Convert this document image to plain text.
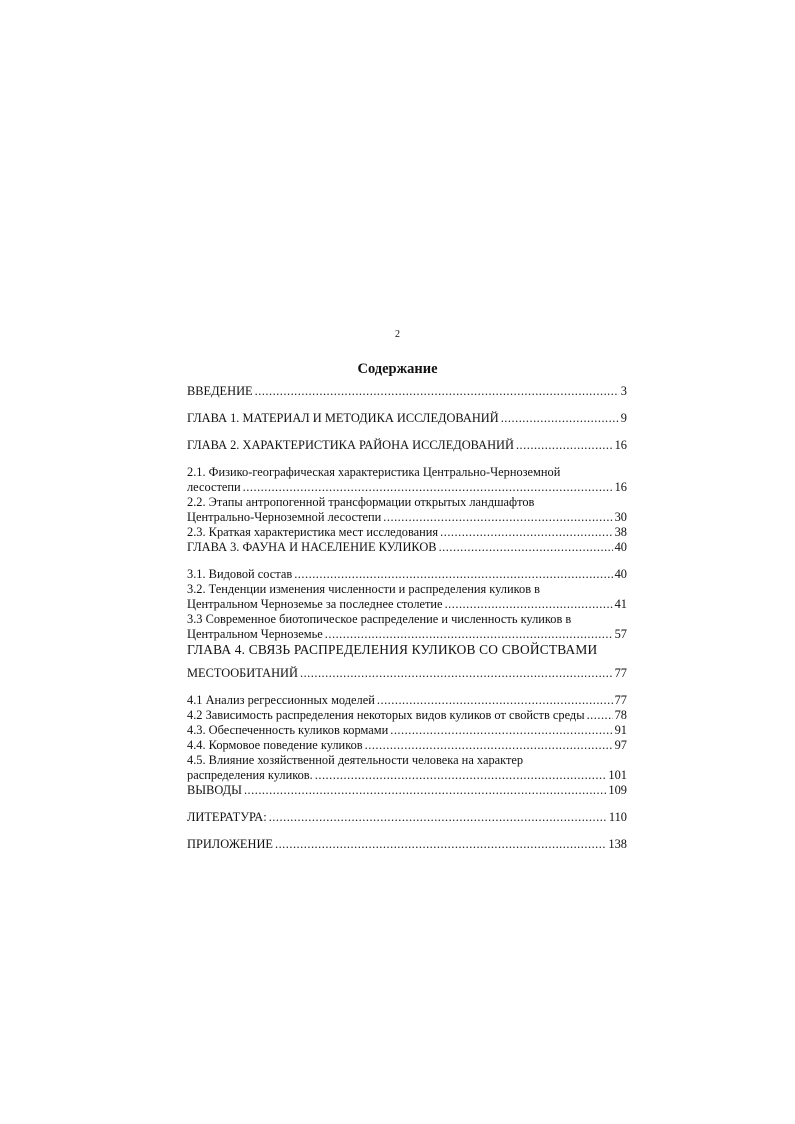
2
Содержание
ВВЕДЕНИЕ .....	3
ГЛАВА 1. МАТЕРИАЛ И МЕТОДИКА ИССЛЕДОВАНИЙ .....	9
ГЛАВА 2. ХАРАКТЕРИСТИКА РАЙОНА ИССЛЕДОВАНИЙ .....	16
2.1. Физико-географическая характеристика Центрально-Черноземной
лесостепи .....	16
2.2. Этапы антропогенной трансформации открытых ландшафтов
Центрально-Черноземной лесостепи .....	30
2.3. Краткая характеристика мест исследования .....	38
ГЛАВА 3. ФАУНА И НАСЕЛЕНИЕ КУЛИКОВ .....	40
3.1. Видовой состав .....	40
3.2. Тенденции изменения численности и распределения куликов в
Центральном Черноземье за последнее столетие .....	41
3.3 Современное биотопическое распределение и численность куликов в
Центральном Черноземье .....	57
ГЛАВА 4. СВЯЗЬ РАСПРЕДЕЛЕНИЯ КУЛИКОВ СО СВОЙСТВАМИ
МЕСТООБИТАНИЙ .....	77
4.1 Анализ регрессионных моделей .....	77
4.2 Зависимость распределения некоторых видов куликов от свойств среды ..... 78
4.3. Обеспеченность куликов кормами .....	91
4.4. Кормовое поведение куликов .....	97
4.5. Влияние хозяйственной деятельности человека на характер
распределения куликов. .....	101
ВЫВОДЫ .....	109
ЛИТЕРАТУРА: .....	110
ПРИЛОЖЕНИЕ .....	138
